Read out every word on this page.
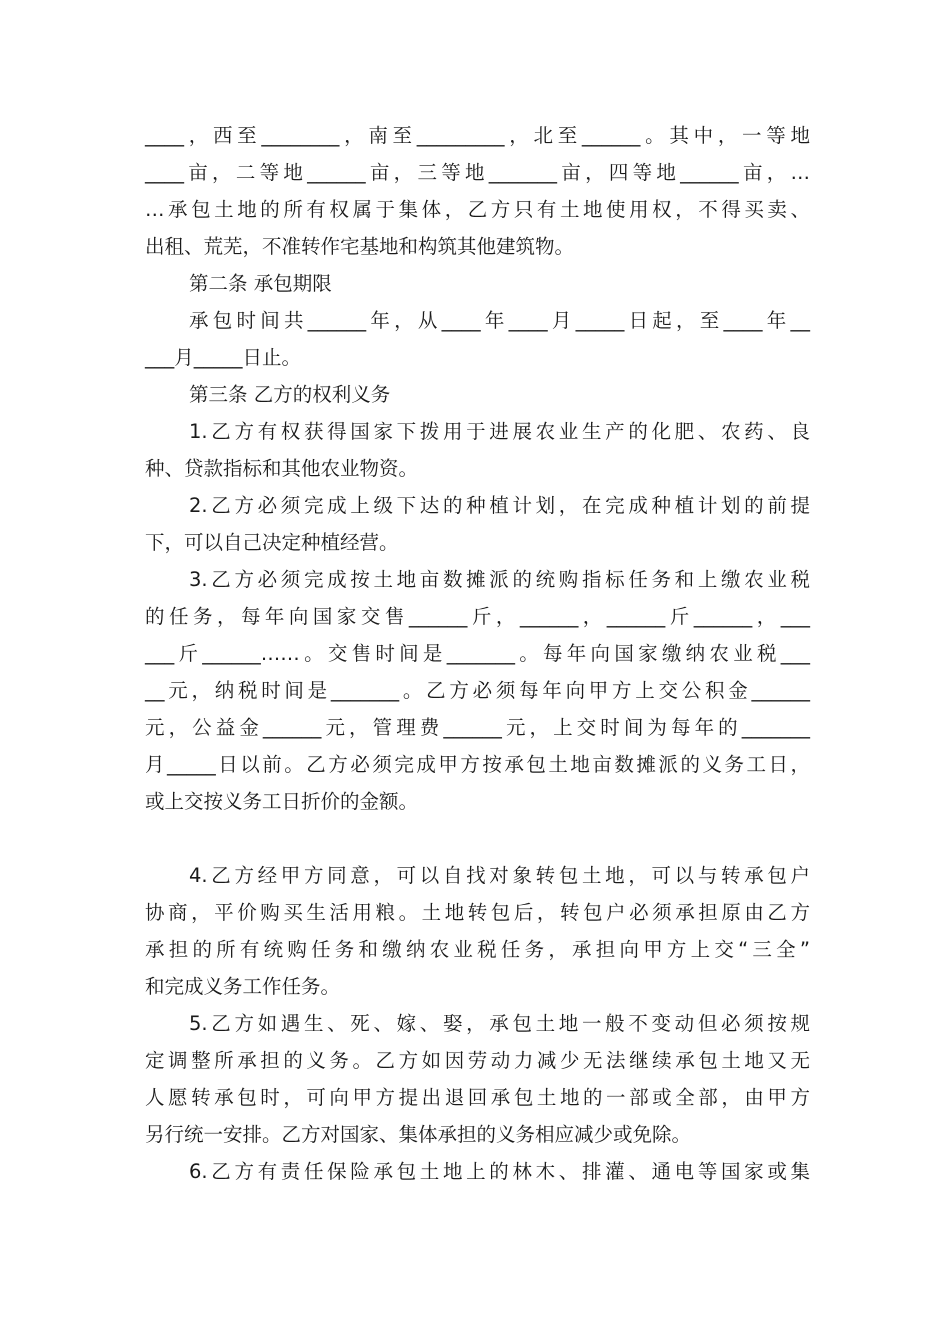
____，西至________，南至_________，北至______。其中，一等地
____亩，二等地______亩，三等地_______亩，四等地______亩，…
…承包土地的所有权属于集体，乙方只有土地使用权，不得买卖、
出租、荒芜，不准转作宅基地和构筑其他建筑物。
第二条 承包期限
承包时间共______年，从____年____月_____日起，至____年__
___月_____日止。
第三条 乙方的权利义务
1.乙方有权获得国家下拨用于进展农业生产的化肥、农药、良
种、贷款指标和其他农业物资。
2.乙方必须完成上级下达的种植计划，在完成种植计划的前提
下，可以自己决定种植经营。
3.乙方必须完成按土地亩数摊派的统购指标任务和上缴农业税
的任务，每年向国家交售______斤，______，______斤______，___
___斤______……。交售时间是_______。每年向国家缴纳农业税___
__元，纳税时间是_______。乙方必须每年向甲方上交公积金______
元，公益金______元，管理费______元，上交时间为每年的_______
月_____日以前。乙方必须完成甲方按承包土地亩数摊派的义务工日，
或上交按义务工日折价的金额。
4.乙方经甲方同意，可以自找对象转包土地，可以与转承包户
协商，平价购买生活用粮。土地转包后，转包户必须承担原由乙方
承担的所有统购任务和缴纳农业税任务，承担向甲方上交“三全”
和完成义务工作任务。
5.乙方如遇生、死、嫁、娶，承包土地一般不变动但必须按规
定调整所承担的义务。乙方如因劳动力减少无法继续承包土地又无
人愿转承包时，可向甲方提出退回承包土地的一部或全部，由甲方
另行统一安排。乙方对国家、集体承担的义务相应减少或免除。
6.乙方有责任保险承包土地上的林木、排灌、通电等国家或集
